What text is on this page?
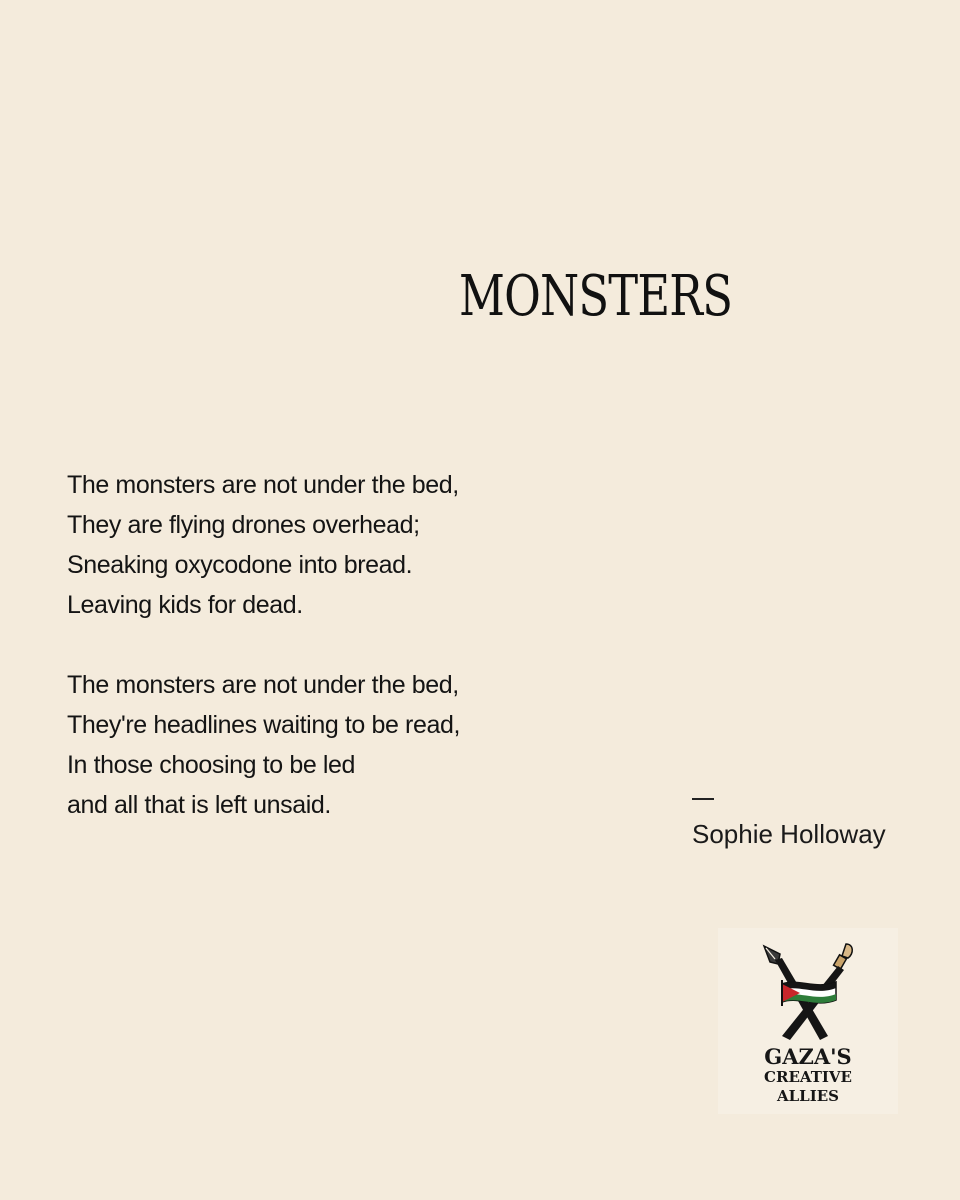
MONSTERS

The monsters are not under the bed,
They are flying drones overhead;
Sneaking oxycodone into bread.
Leaving kids for dead.

The monsters are not under the bed,
They're headlines waiting to be read,
In those choosing to be led
and all that is left unsaid.

Sophie Holloway
GAZA'S
CREATIVE
ALLIES
